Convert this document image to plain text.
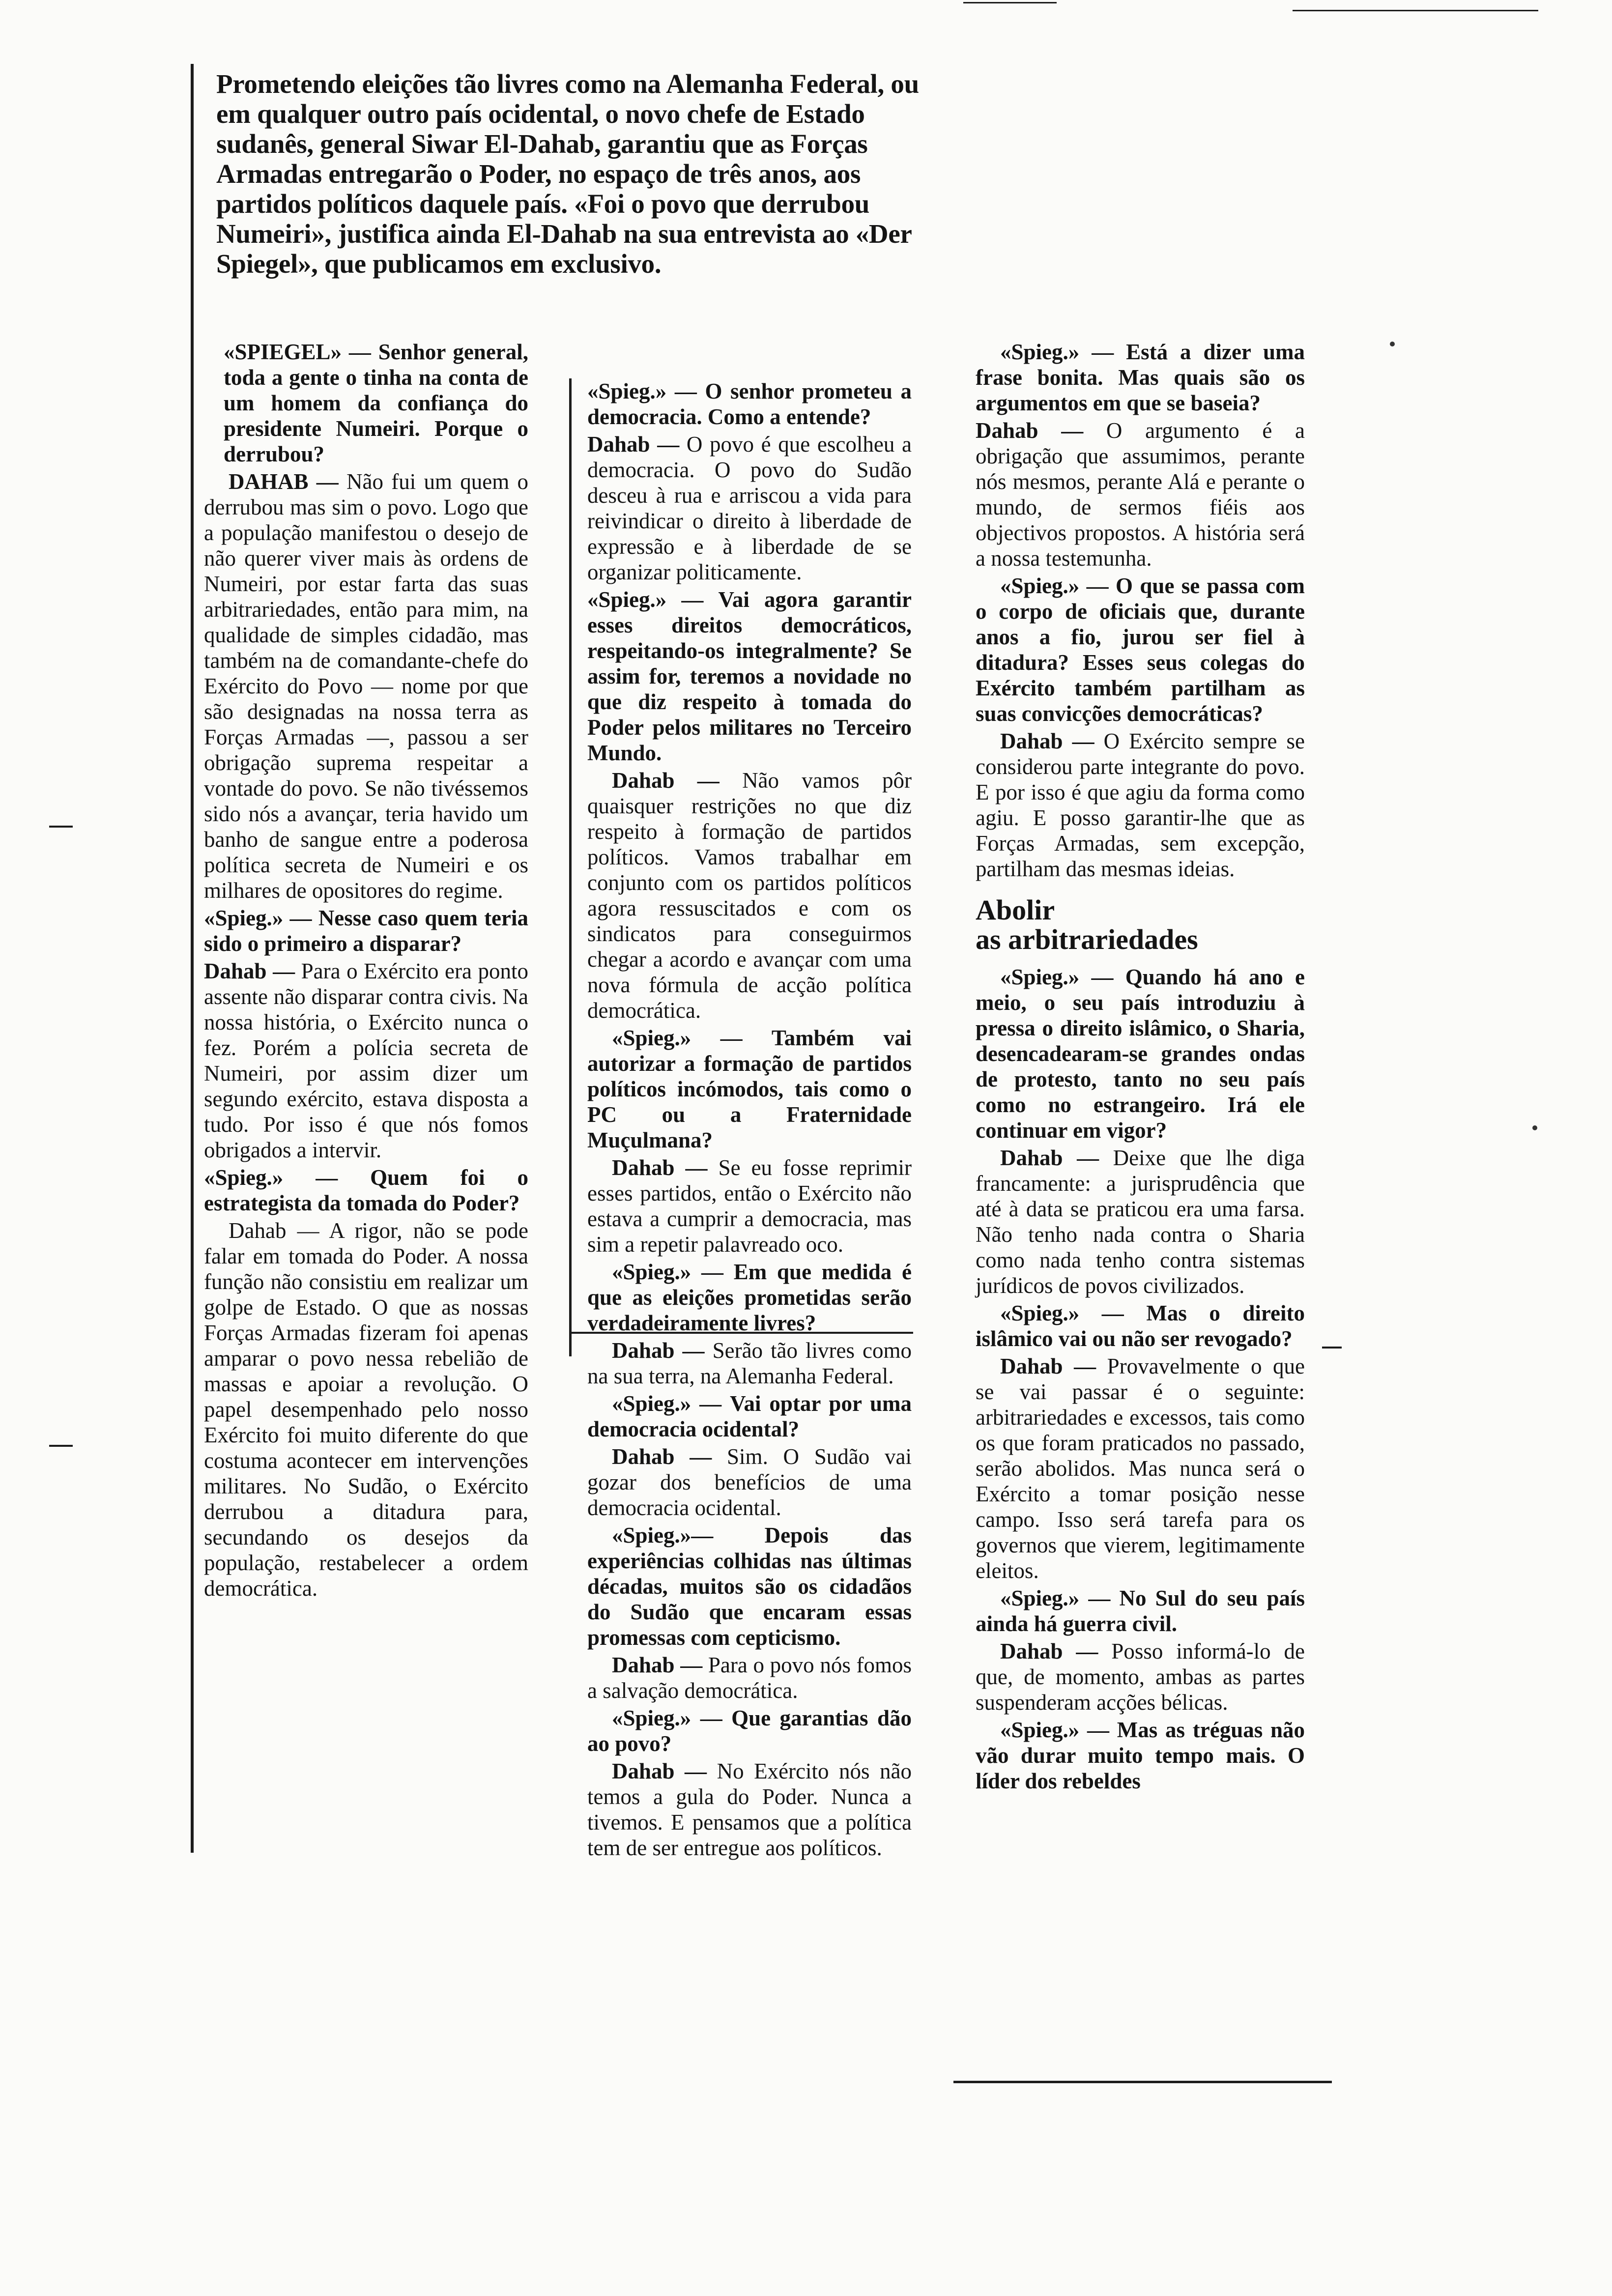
Prometendo eleições tão livres como na Alemanha Federal, ou em qualquer outro país ocidental, o novo chefe de Estado sudanês, general Siwar El-Dahab, garantiu que as Forças Armadas entregarão o Poder, no espaço de três anos, aos partidos políticos daquele país. «Foi o povo que derrubou Numeiri», justifica ainda El-Dahab na sua entrevista ao «Der Spiegel», que publicamos em exclusivo.

«SPIEGEL» — Senhor general, toda a gente o tinha na conta de um homem da confiança do presidente Numeiri. Porque o derrubou?

DAHAB — Não fui um quem o derrubou mas sim o povo. Logo que a população manifestou o desejo de não querer viver mais às ordens de Numeiri, por estar farta das suas arbitrariedades, então para mim, na qualidade de simples cidadão, mas também na de comandante-chefe do Exército do Povo — nome por que são designadas na nossa terra as Forças Armadas —, passou a ser obrigação suprema respeitar a vontade do povo. Se não tivéssemos sido nós a avançar, teria havido um banho de sangue entre a poderosa política secreta de Numeiri e os milhares de opositores do regime.

«Spieg.» — Nesse caso quem teria sido o primeiro a disparar?

Dahab — Para o Exército era ponto assente não disparar contra civis. Na nossa história, o Exército nunca o fez. Porém a polícia secreta de Numeiri, por assim dizer um segundo exército, estava disposta a tudo. Por isso é que nós fomos obrigados a intervir.

«Spieg.» — Quem foi o estrategista da tomada do Poder?

Dahab — A rigor, não se pode falar em tomada do Poder. A nossa função não consistiu em realizar um golpe de Estado. O que as nossas Forças Armadas fizeram foi apenas amparar o povo nessa rebelião de massas e apoiar a revolução. O papel desempenhado pelo nosso Exército foi muito diferente do que costuma acontecer em intervenções militares. No Sudão, o Exército derrubou a ditadura para, secundando os desejos da população, restabelecer a ordem democrática.

«Spieg.» — O senhor prometeu a democracia. Como a entende?

Dahab — O povo é que escolheu a democracia. O povo do Sudão desceu à rua e arriscou a vida para reivindicar o direito à liberdade de expressão e à liberdade de se organizar politicamente.

«Spieg.» — Vai agora garantir esses direitos democráticos, respeitando-os integralmente? Se assim for, teremos a novidade no que diz respeito à tomada do Poder pelos militares no Terceiro Mundo.

Dahab — Não vamos pôr quaisquer restrições no que diz respeito à formação de partidos políticos. Vamos trabalhar em conjunto com os partidos políticos agora ressuscitados e com os sindicatos para conseguirmos chegar a acordo e avançar com uma nova fórmula de acção política democrática.

«Spieg.» — Também vai autorizar a formação de partidos políticos incómodos, tais como o PC ou a Fraternidade Muçulmana?

Dahab — Se eu fosse reprimir esses partidos, então o Exército não estava a cumprir a democracia, mas sim a repetir palavreado oco.

«Spieg.» — Em que medida é que as eleições prometidas serão verdadeiramente livres?

Dahab — Serão tão livres como na sua terra, na Alemanha Federal.

«Spieg.» — Vai optar por uma democracia ocidental?

Dahab — Sim. O Sudão vai gozar dos benefícios de uma democracia ocidental.

«Spieg.»— Depois das experiências colhidas nas últimas décadas, muitos são os cidadãos do Sudão que encaram essas promessas com cepticismo.

Dahab — Para o povo nós fomos a salvação democrática.

«Spieg.» — Que garantias dão ao povo?

Dahab — No Exército nós não temos a gula do Poder. Nunca a tivemos. E pensamos que a política tem de ser entregue aos políticos.

«Spieg.» — Está a dizer uma frase bonita. Mas quais são os argumentos em que se baseia?

Dahab — O argumento é a obrigação que assumimos, perante nós mesmos, perante Alá e perante o mundo, de sermos fiéis aos objectivos propostos. A história será a nossa testemunha.

«Spieg.» — O que se passa com o corpo de oficiais que, durante anos a fio, jurou ser fiel à ditadura? Esses seus colegas do Exército também partilham as suas convicções democráticas?

Dahab — O Exército sempre se considerou parte integrante do povo. E por isso é que agiu da forma como agiu. E posso garantir-lhe que as Forças Armadas, sem excepção, partilham das mesmas ideias.

Abolir
as arbitrariedades

«Spieg.» — Quando há ano e meio, o seu país introduziu à pressa o direito islâmico, o Sharia, desencadearam-se grandes ondas de protesto, tanto no seu país como no estrangeiro. Irá ele continuar em vigor?

Dahab — Deixe que lhe diga francamente: a jurisprudência que até à data se praticou era uma farsa. Não tenho nada contra o Sharia como nada tenho contra sistemas jurídicos de povos civilizados.

«Spieg.» — Mas o direito islâmico vai ou não ser revogado?

Dahab — Provavelmente o que se vai passar é o seguinte: arbitrariedades e excessos, tais como os que foram praticados no passado, serão abolidos. Mas nunca será o Exército a tomar posição nesse campo. Isso será tarefa para os governos que vierem, legitimamente eleitos.

«Spieg.» — No Sul do seu país ainda há guerra civil.

Dahab — Posso informá-lo de que, de momento, ambas as partes suspenderam acções bélicas.

«Spieg.» — Mas as tréguas não vão durar muito tempo mais. O líder dos rebeldes
